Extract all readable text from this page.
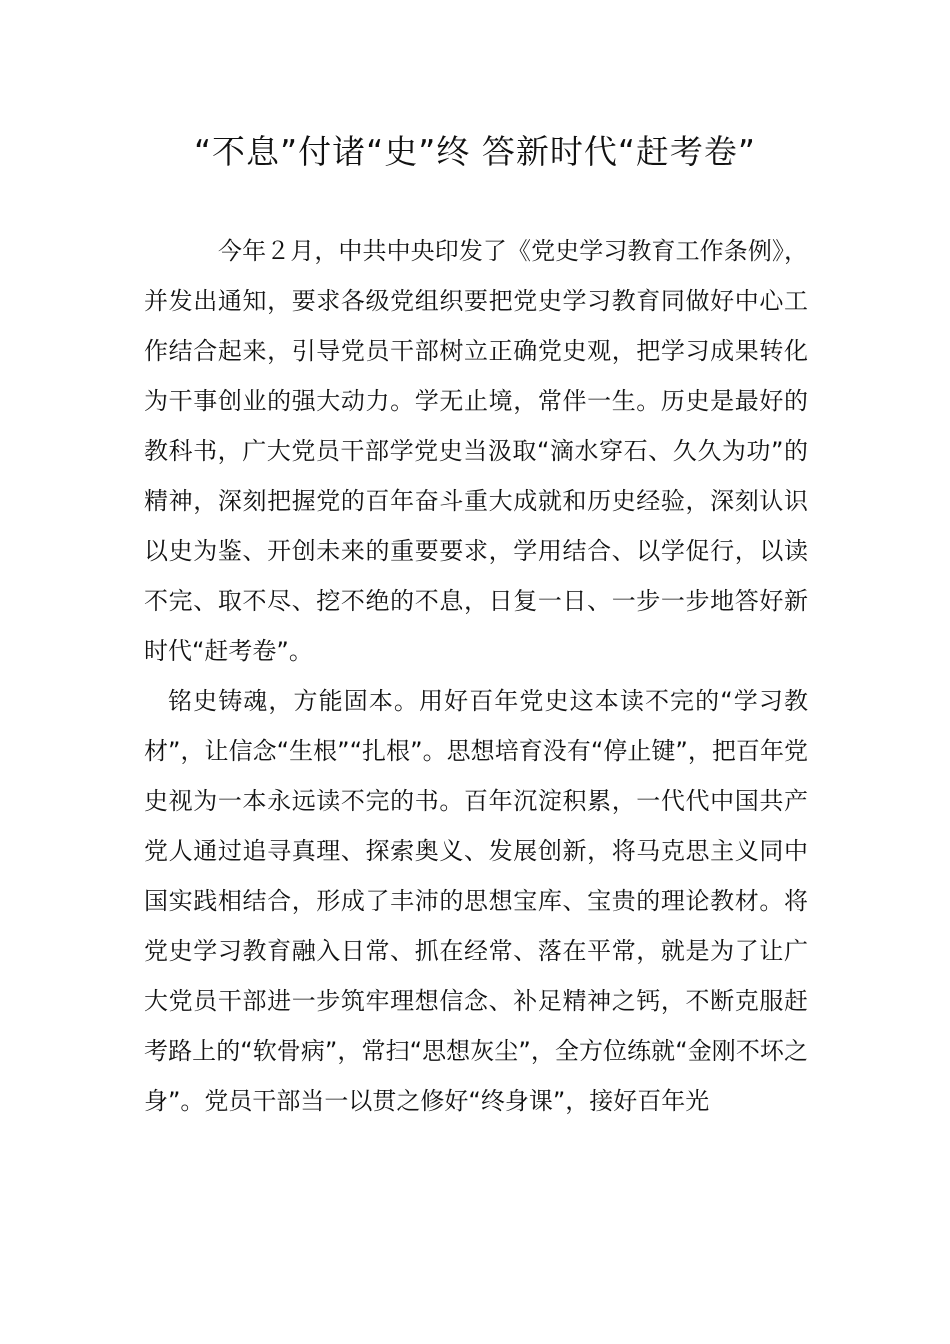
“不息”付诸“史”终 答新时代“赶考卷”

今年２月，中共中央印发了《党史学习教育工作条例》，并发出通知，要求各级党组织要把党史学习教育同做好中心工作结合起来，引导党员干部树立正确党史观，把学习成果转化为干事创业的强大动力。学无止境，常伴一生。历史是最好的教科书，广大党员干部学党史当汲取“滴水穿石、久久为功”的精神，深刻把握党的百年奋斗重大成就和历史经验，深刻认识以史为鉴、开创未来的重要要求，学用结合、以学促行，以读不完、取不尽、挖不绝的不息，日复一日、一步一步地答好新时代“赶考卷”。

铭史铸魂，方能固本。用好百年党史这本读不完的“学习教材”，让信念“生根”“扎根”。思想培育没有“停止键”，把百年党史视为一本永远读不完的书。百年沉淀积累，一代代中国共产党人通过追寻真理、探索奥义、发展创新，将马克思主义同中国实践相结合，形成了丰沛的思想宝库、宝贵的理论教材。将党史学习教育融入日常、抓在经常、落在平常，就是为了让广大党员干部进一步筑牢理想信念、补足精神之钙，不断克服赶考路上的“软骨病”，常扫“思想灰尘”，全方位练就“金刚不坏之身”。党员干部当一以贯之修好“终身课”，接好百年光
